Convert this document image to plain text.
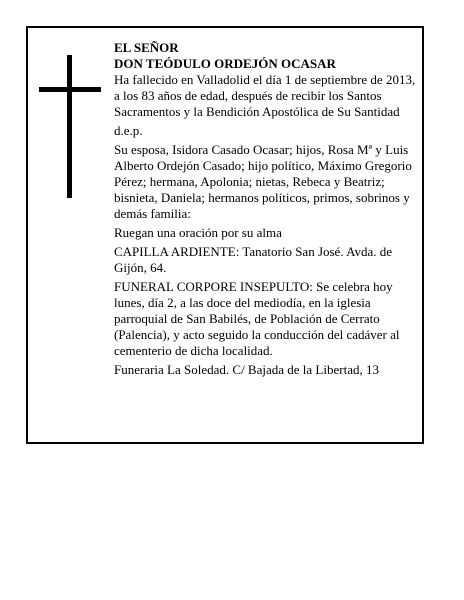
EL SEÑOR

DON TEÓDULO ORDEJÓN OCASAR

Ha fallecido en Valladolid el día 1 de septiembre de 2013, a los 83 años de edad, después de recibir los Santos Sacramentos y la Bendición Apostólica de Su Santidad

d.e.p.

Su esposa, Isidora Casado Ocasar; hijos, Rosa Mª y Luis Alberto Ordejón Casado; hijo político, Máximo Gregorio Pérez; hermana, Apolonia; nietas, Rebeca y Beatriz; bisnieta, Daniela; hermanos políticos, primos, sobrinos y demás familia:

Ruegan una oración por su alma

CAPILLA ARDIENTE: Tanatorio San José. Avda. de Gijón, 64.

FUNERAL CORPORE INSEPULTO: Se celebra hoy lunes, día 2, a las doce del mediodía, en la iglesia parroquial de San Babilés, de Población de Cerrato (Palencia), y acto seguido la conducción del cadáver al cementerio de dicha localidad.

Funeraria La Soledad. C/ Bajada de la Libertad, 13
